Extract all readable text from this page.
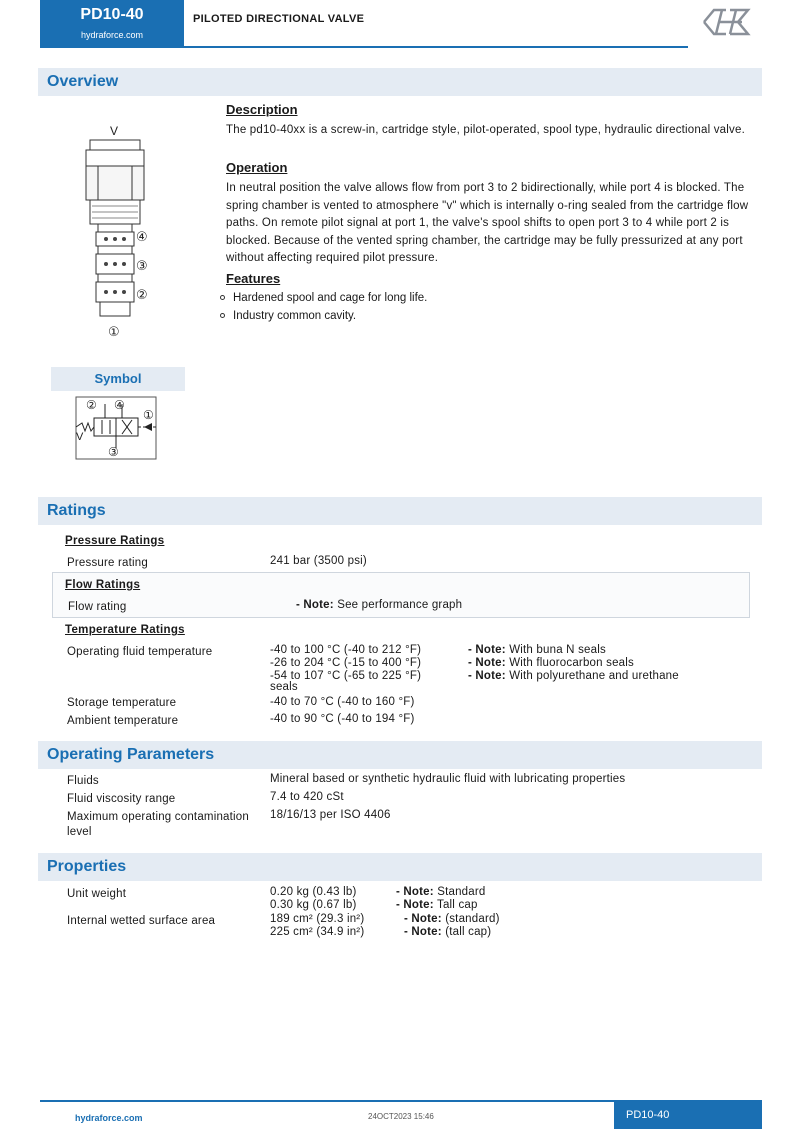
PD10-40
hydraforce.com
PILOTED DIRECTIONAL VALVE
Overview
V
④
③
②
①
Description
The pd10-40xx is a screw-in, cartridge style, pilot-operated, spool type, hydraulic directional valve.
Operation
In neutral position the valve allows flow from port 3 to 2 bidirectionally, while port 4 is blocked. The spring chamber is vented to atmosphere "v" which is internally o-ring sealed from the cartridge flow paths. On remote pilot signal at port 1, the valve's spool shifts to open port 3 to 4 while port 2 is blocked. Because of the vented spring chamber, the cartridge may be fully pressurized at any port without affecting required pilot pressure.
Features
Hardened spool and cage for long life.
Industry common cavity.
Symbol
② ④
①
③
V
Ratings
Pressure Ratings
Pressure rating	241 bar (3500 psi)
Flow Ratings
Flow rating	- Note: See performance graph
Temperature Ratings
Operating fluid temperature	-40 to 100 °C (-40 to 212 °F)	- Note: With buna N seals
-26 to 204 °C (-15 to 400 °F)	- Note: With fluorocarbon seals
-54 to 107 °C (-65 to 225 °F)	- Note: With polyurethane and urethane
seals
Storage temperature	-40 to 70 °C (-40 to 160 °F)
Ambient temperature	-40 to 90 °C (-40 to 194 °F)
Operating Parameters
Fluids	Mineral based or synthetic hydraulic fluid with lubricating properties
Fluid viscosity range	7.4 to 420 cSt
Maximum operating contamination
level
18/16/13 per ISO 4406
Properties
Unit weight	0.20 kg (0.43 lb)	- Note: Standard
0.30 kg (0.67 lb)	- Note: Tall cap
Internal wetted surface area	189 cm² (29.3 in²)	- Note: (standard)
225 cm² (34.9 in²)	- Note: (tall cap)
hydraforce.com	24OCT2023 15:46	PD10-40
